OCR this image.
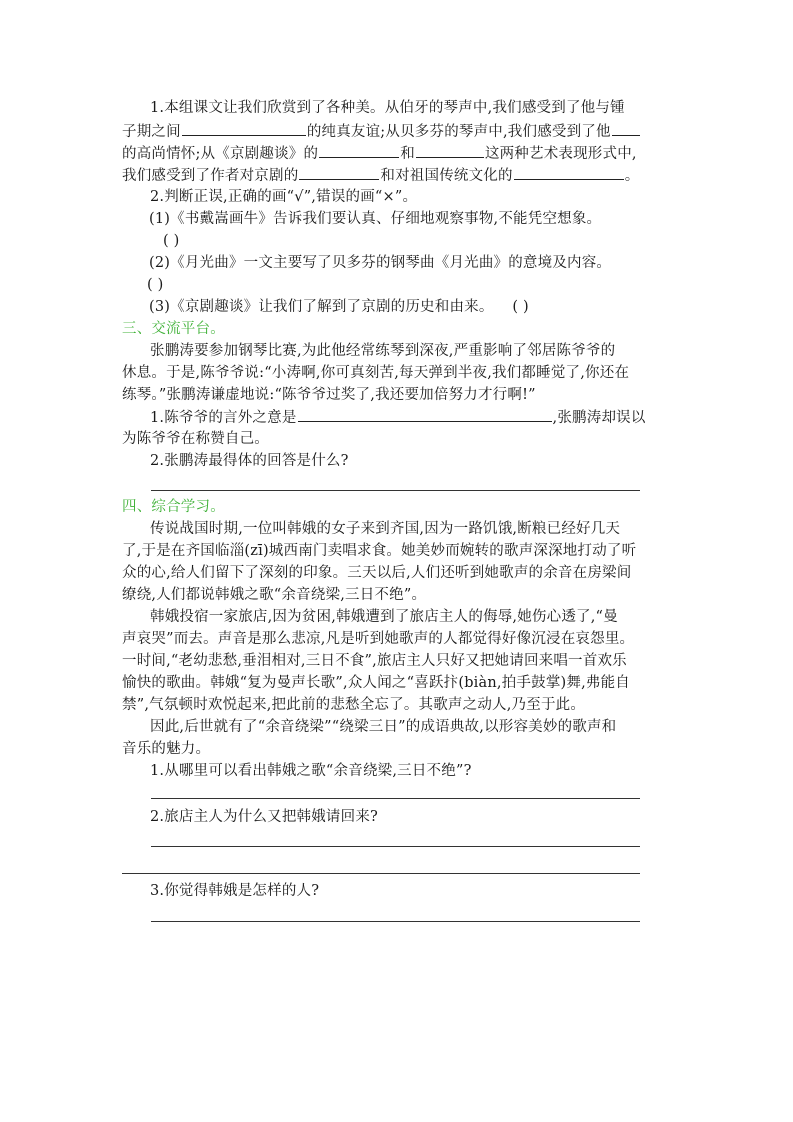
1.本组课文让我们欣赏到了各种美。从伯牙的琴声中,我们感受到了他与锺
子期之间	的纯真友谊;从贝多芬的琴声中,我们感受到了他
的高尚情怀;从《京剧趣谈》的	和	这两种艺术表现形式中,
我们感受到了作者对京剧的	和对祖国传统文化的	。
2.判断正误,正确的画“√”,错误的画“×”。
(1)《书戴嵩画牛》告诉我们要认真、仔细地观察事物,不能凭空想象。
( )
(2)《月光曲》一文主要写了贝多芬的钢琴曲《月光曲》的意境及内容。
( )
(3)《京剧趣谈》让我们了解到了京剧的历史和由来。 ( )
三、交流平台。
张鹏涛要参加钢琴比赛,为此他经常练琴到深夜,严重影响了邻居陈爷爷的
休息。于是,陈爷爷说:“小涛啊,你可真刻苦,每天弹到半夜,我们都睡觉了,你还在
练琴。”张鹏涛谦虚地说:“陈爷爷过奖了,我还要加倍努力才行啊!”
1.陈爷爷的言外之意是	,张鹏涛却误以
为陈爷爷在称赞自己。
2.张鹏涛最得体的回答是什么?
四、综合学习。
传说战国时期,一位叫韩娥的女子来到齐国,因为一路饥饿,断粮已经好几天
了,于是在齐国临淄(zī)城西南门卖唱求食。她美妙而婉转的歌声深深地打动了听
众的心,给人们留下了深刻的印象。三天以后,人们还听到她歌声的余音在房梁间
缭绕,人们都说韩娥之歌“余音绕梁,三日不绝”。
韩娥投宿一家旅店,因为贫困,韩娥遭到了旅店主人的侮辱,她伤心透了,“曼
声哀哭”而去。声音是那么悲凉,凡是听到她歌声的人都觉得好像沉浸在哀怨里。
一时间,“老幼悲愁,垂泪相对,三日不食”,旅店主人只好又把她请回来唱一首欢乐
愉快的歌曲。韩娥“复为曼声长歌”,众人闻之“喜跃抃(biàn,拍手鼓掌)舞,弗能自
禁”,气氛顿时欢悦起来,把此前的悲愁全忘了。其歌声之动人,乃至于此。
因此,后世就有了“余音绕梁”“绕梁三日”的成语典故,以形容美妙的歌声和
音乐的魅力。
1.从哪里可以看出韩娥之歌“余音绕梁,三日不绝”?
2.旅店主人为什么又把韩娥请回来?
3.你觉得韩娥是怎样的人?
